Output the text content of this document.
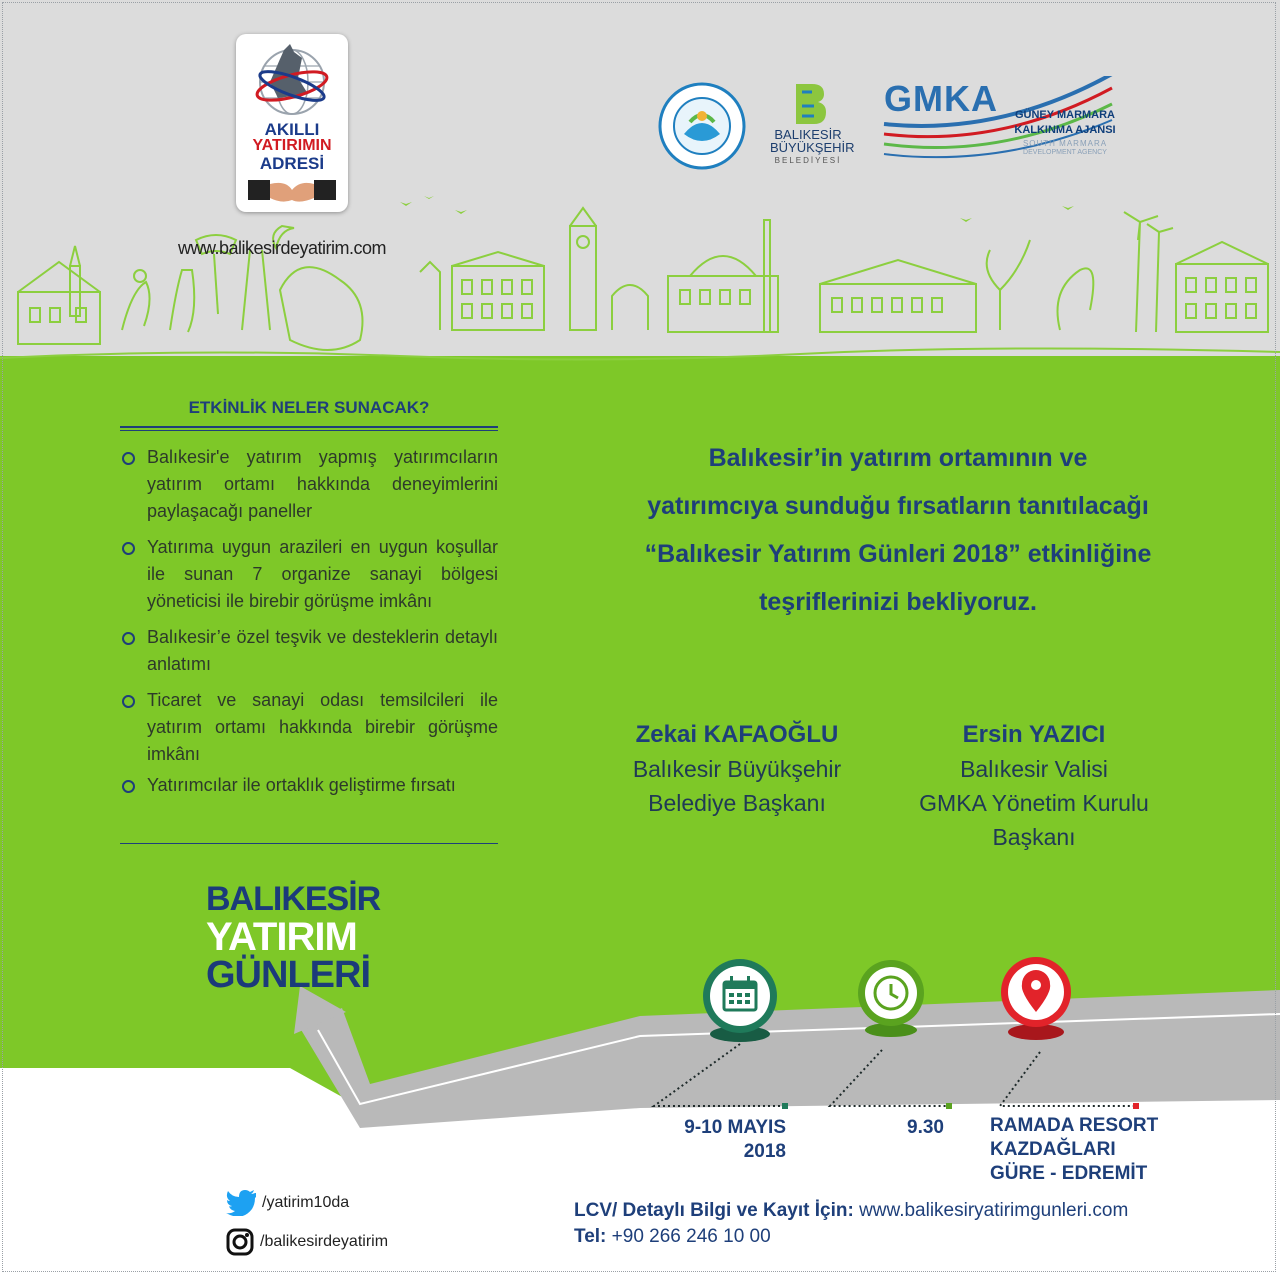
AKILLI
YATIRIMIN
ADRESİ
www.balikesirdeyatirim.com
BALIKESİR
BÜYÜKŞEHİR
BELEDİYESİ
GMKA GÜNEY MARMARA
KALKINMA AJANSI
SOUTH MARMARA
DEVELOPMENT AGENCY
ETKİNLİK NELER SUNACAK?
Balıkesir'e yatırım yapmış yatırımcıların yatırım ortamı hakkında deneyimlerini paylaşacağı paneller
Yatırıma uygun arazileri en uygun koşullar ile sunan 7 organize sanayi bölgesi yöneticisi ile birebir görüşme imkânı
Balıkesir’e özel teşvik ve desteklerin detaylı anlatımı
Ticaret ve sanayi odası temsilcileri ile yatırım ortamı hakkında birebir görüşme imkânı
Yatırımcılar ile ortaklık geliştirme fırsatı
Balıkesir’in yatırım ortamının ve
yatırımcıya sunduğu fırsatların tanıtılacağı
“Balıkesir Yatırım Günleri 2018” etkinliğine
teşriflerinizi bekliyoruz.
Zekai KAFAOĞLU
Balıkesir Büyükşehir
Belediye Başkanı
Ersin YAZICI
Balıkesir Valisi
GMKA Yönetim Kurulu
Başkanı
BALIKESİR
YATIRIM
GÜNLERİ
9-10 MAYIS
2018
9.30 RAMADA RESORT
KAZDAĞLARI
GÜRE - EDREMİT
/yatirim10da
/balikesirdeyatirim
LCV/ Detaylı Bilgi ve Kayıt İçin: www.balikesiryatirimgunleri.com
Tel: +90 266 246 10 00
